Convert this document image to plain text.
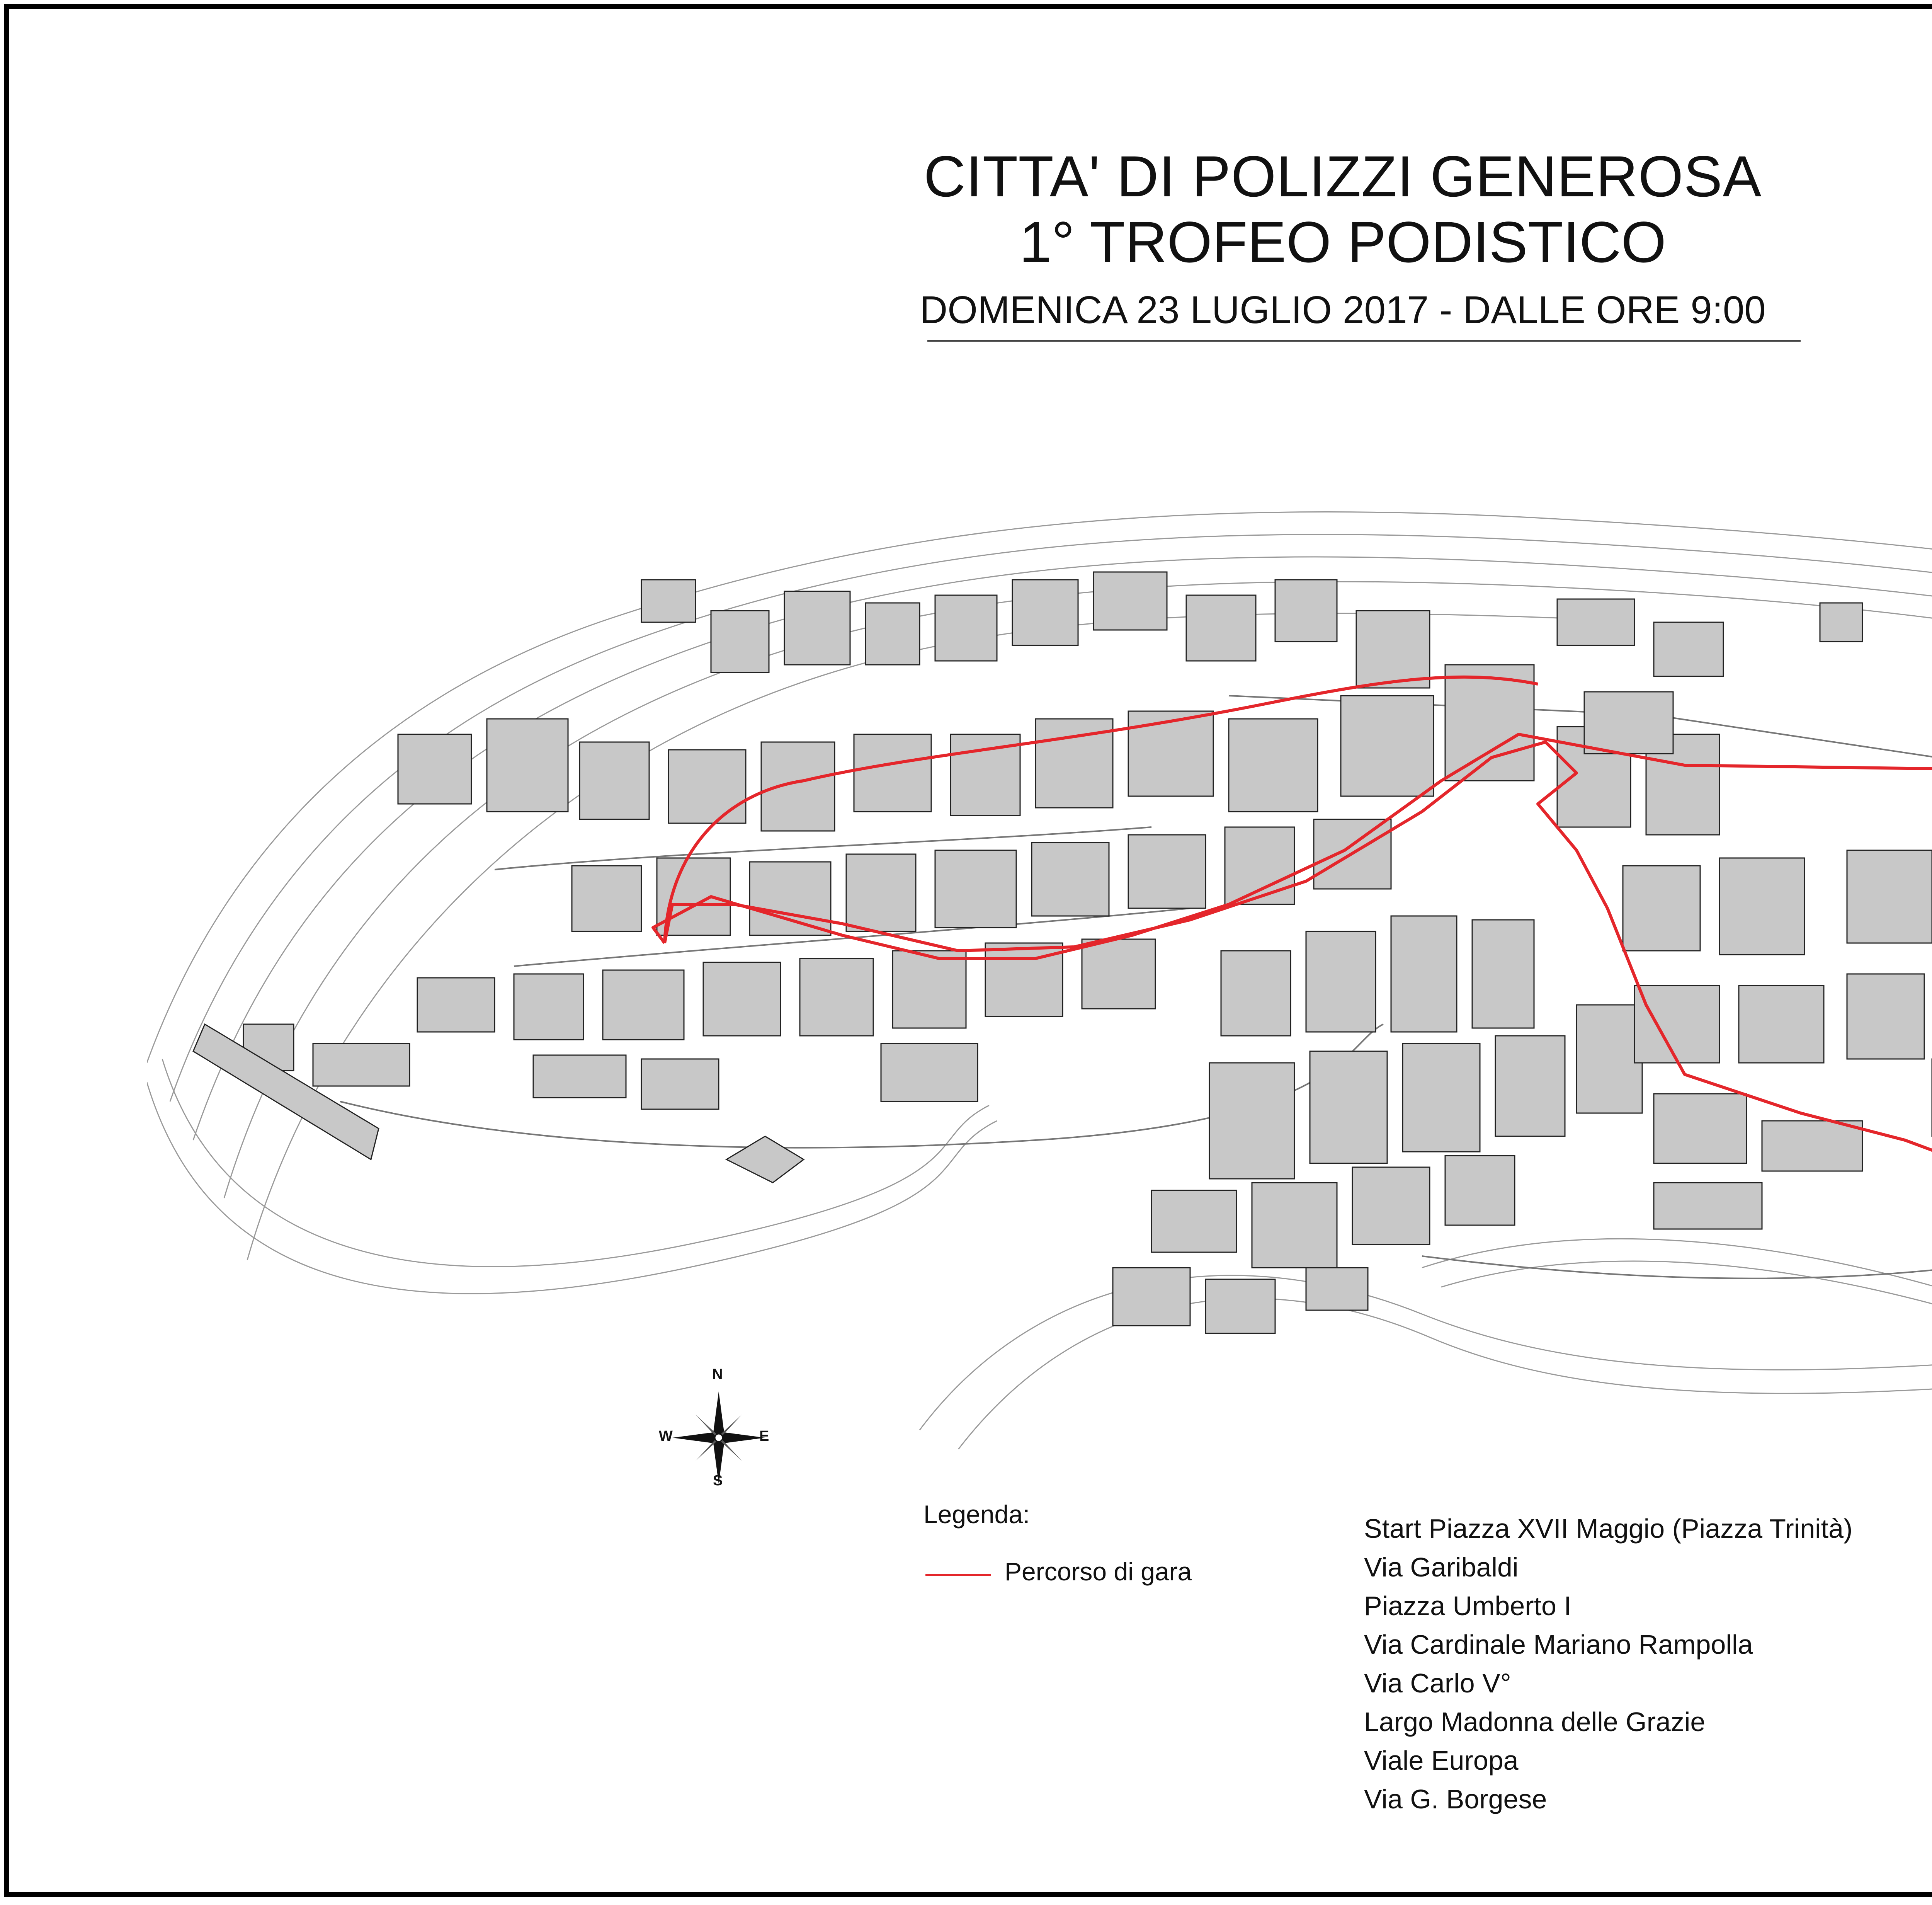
CITTA' DI POLIZZI GENEROSA
1° TROFEO PODISTICO
DOMENICA 23 LUGLIO 2017 - DALLE ORE 9:00
N
S
E
W
Legenda:
Percorso di gara
Start Piazza XVII Maggio (Piazza Trinità)
Via Garibaldi
Piazza Umberto I
Via Cardinale Mariano Rampolla
Via Carlo V°
Largo Madonna delle Grazie
Viale Europa
Via G. Borgese
